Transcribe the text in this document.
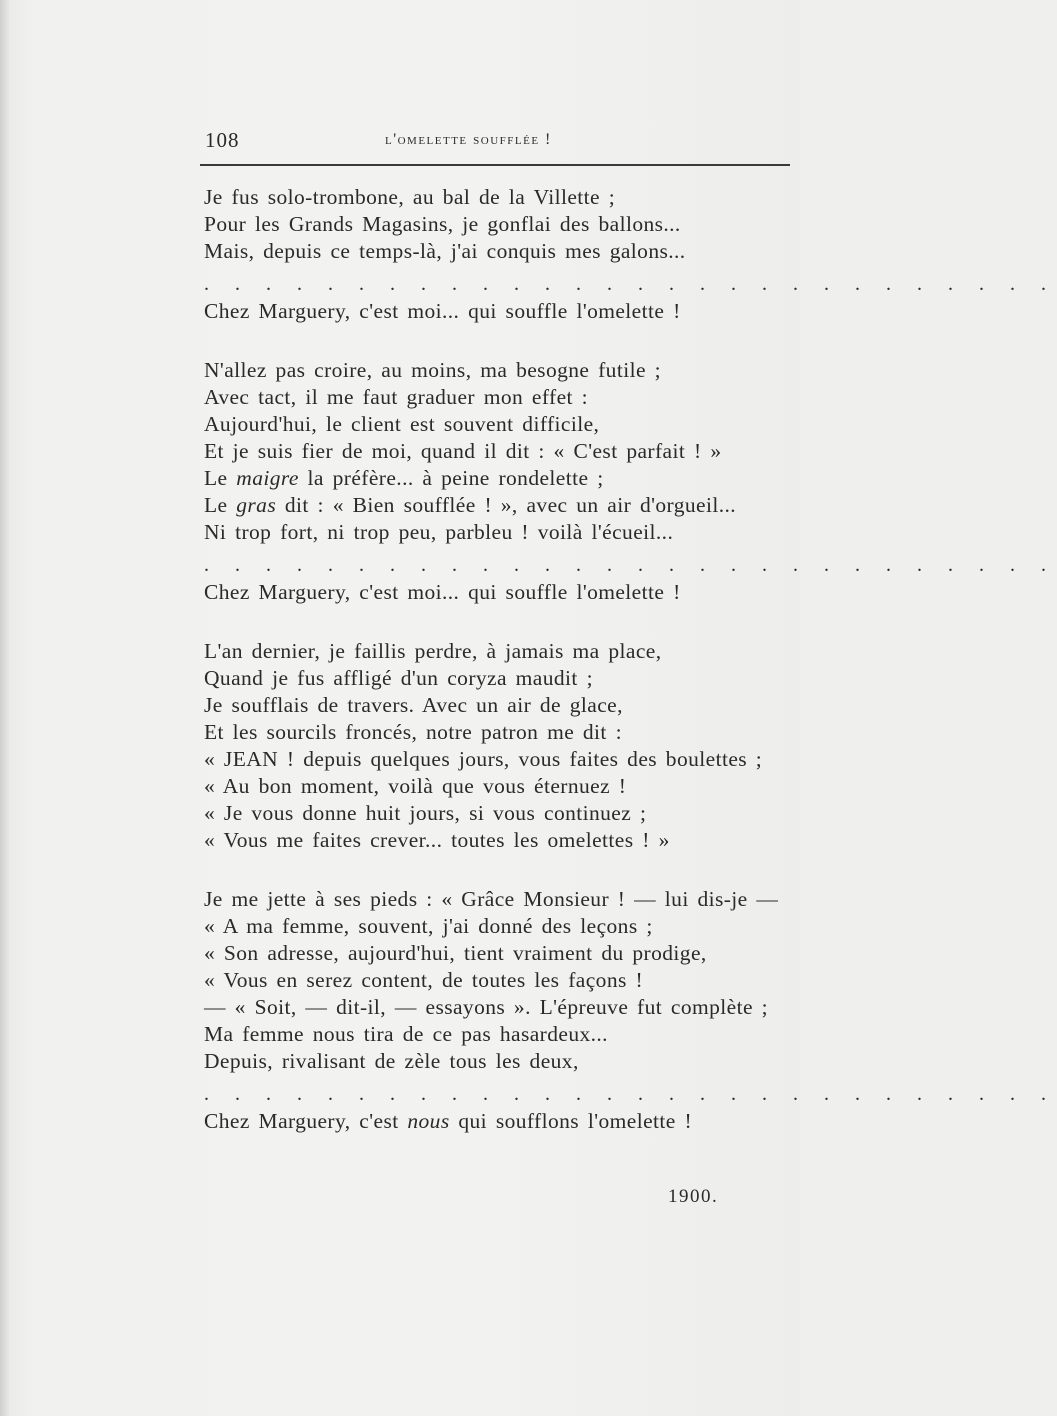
108	l'omelette soufflée !
Je fus solo-trombone, au bal de la Villette ;
Pour les Grands Magasins, je gonflai des ballons...
Mais, depuis ce temps-là, j'ai conquis mes galons...
. . . . . . . . . . . . . . . . . . . . . . . . . . . .
Chez Marguery, c'est moi... qui souffle l'omelette !
N'allez pas croire, au moins, ma besogne futile ;
Avec tact, il me faut graduer mon effet :
Aujourd'hui, le client est souvent difficile,
Et je suis fier de moi, quand il dit : « C'est parfait ! »
Le maigre la préfère... à peine rondelette ;
Le gras dit : « Bien soufflée ! », avec un air d'orgueil...
Ni trop fort, ni trop peu, parbleu ! voilà l'écueil...
. . . . . . . . . . . . . . . . . . . . . . . . . . . .
Chez Marguery, c'est moi... qui souffle l'omelette !
L'an dernier, je faillis perdre, à jamais ma place,
Quand je fus affligé d'un coryza maudit ;
Je soufflais de travers. Avec un air de glace,
Et les sourcils froncés, notre patron me dit :
« JEAN ! depuis quelques jours, vous faites des boulettes ;
« Au bon moment, voilà que vous éternuez !
« Je vous donne huit jours, si vous continuez ;
« Vous me faites crever... toutes les omelettes ! »
Je me jette à ses pieds : « Grâce Monsieur ! — lui dis-je —
« A ma femme, souvent, j'ai donné des leçons ;
« Son adresse, aujourd'hui, tient vraiment du prodige,
« Vous en serez content, de toutes les façons !
— « Soit, — dit-il, — essayons ». L'épreuve fut complète ;
Ma femme nous tira de ce pas hasardeux...
Depuis, rivalisant de zèle tous les deux,
. . . . . . . . . . . . . . . . . . . . . . . . . . . .
Chez Marguery, c'est nous qui soufflons l'omelette !
1900.
